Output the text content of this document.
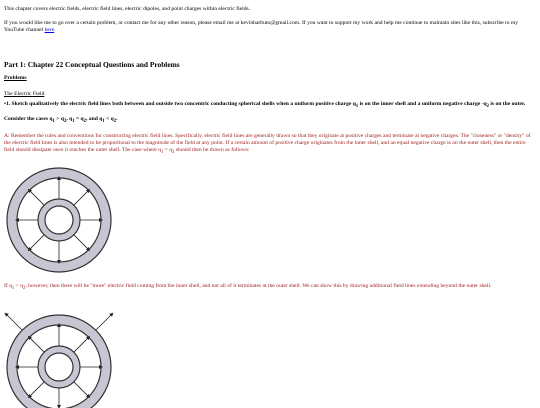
This chapter covers electric fields, electric field lines, electric dipoles, and point charges within electric fields.

If you would like me to go over a certain problem, or contact me for any other reason, please email me at kevinbarbuto@gmail.com. If you want to support my work and help me continue to maintain sites like this, subscribe to my YouTube channel here.

Part 1: Chapter 22 Conceptual Questions and Problems

Problems

The Electric Field

•1. Sketch qualitatively the electric field lines both between and outside two concentric conducting spherical shells when a uniform positive charge $q_1$ is on the inner shell and a uniform negative charge $-q_2$ is on the outer. Consider the cases $q_1 > q_2$, $q_1 = q_2$, and $q_1 < q_2$.

A: Remember the rules and conventions for constructing electric field lines. Specifically, electric field lines are generally drawn so that they originate at positive charges and terminate at negative charges. The "closeness" or "density" of the electric field lines is also intended to be proportional to the magnitude of the field at any point. If a certain amount of positive charge originates from the inner shell, and an equal negative charge is on the outer shell, then the entire field should dissipate once it reaches the outer shell. The case where $q_1 = q_2$ should then be drawn as follows:

If $q_1 > q_2$, however, then there will be "more" electric field coming from the inner shell, and not all of it terminates at the outer shell. We can show this by drawing additional field lines extending beyond the outer shell.
